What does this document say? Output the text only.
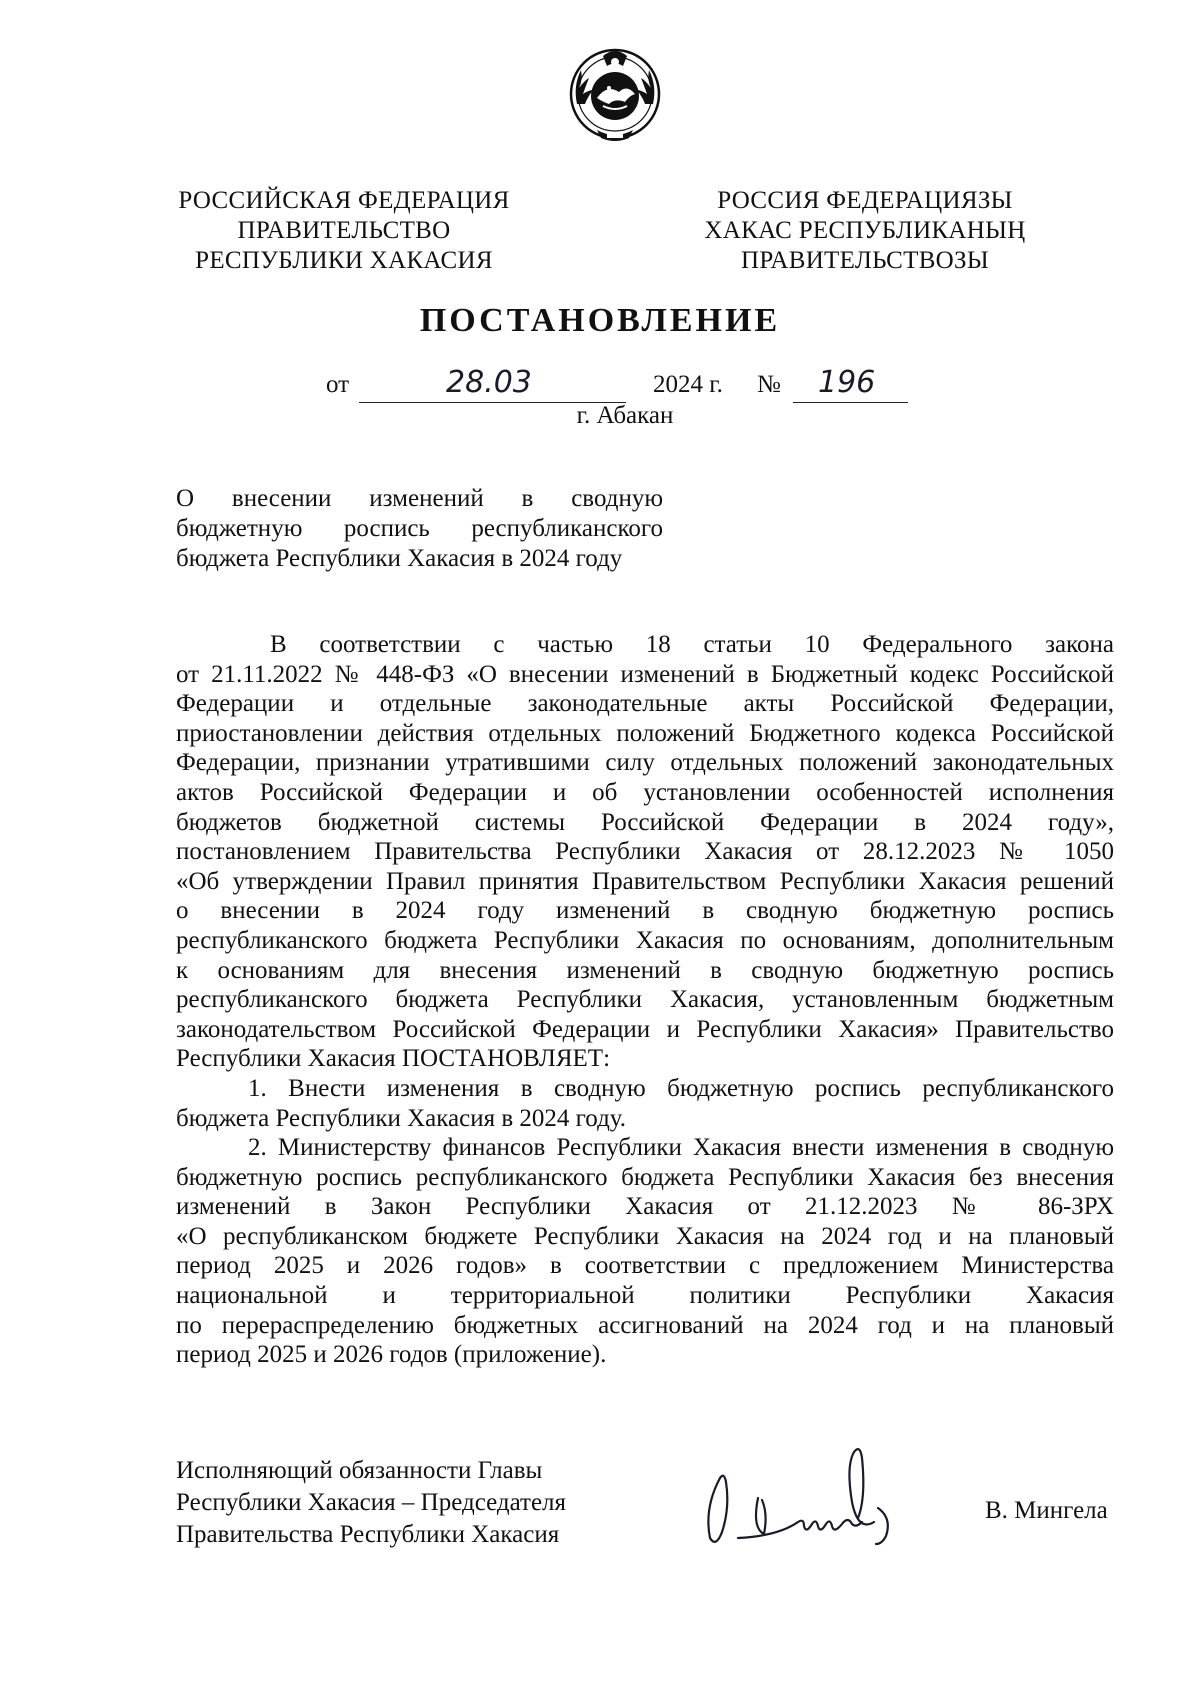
РОССИЙСКАЯ ФЕДЕРАЦИЯ
ПРАВИТЕЛЬСТВО
РЕСПУБЛИКИ ХАКАСИЯ
РОССИЯ ФЕДЕРАЦИЯЗЫ
ХАКАС РЕСПУБЛИКАНЫҢ
ПРАВИТЕЛЬСТВОЗЫ
ПОСТАНОВЛЕНИЕ
от	28.03	2024 г. № 196
г. Абакан
О внесении изменений в сводную
бюджетную роспись республиканского
бюджета Республики Хакасия в 2024 году
В соответствии с частью 18 статьи 10 Федерального закона
от 21.11.2022 № 448-ФЗ «О внесении изменений в Бюджетный кодекс Российской
Федерации и отдельные законодательные акты Российской Федерации,
приостановлении действия отдельных положений Бюджетного кодекса Российской
Федерации, признании утратившими силу отдельных положений законодательных
актов Российской Федерации и об установлении особенностей исполнения
бюджетов бюджетной системы Российской Федерации в 2024 году»,
постановлением Правительства Республики Хакасия от 28.12.2023 № 1050
«Об утверждении Правил принятия Правительством Республики Хакасия решений
о внесении в 2024 году изменений в сводную бюджетную роспись
республиканского бюджета Республики Хакасия по основаниям, дополнительным
к основаниям для внесения изменений в сводную бюджетную роспись
республиканского бюджета Республики Хакасия, установленным бюджетным
законодательством Российской Федерации и Республики Хакасия» Правительство
Республики Хакасия ПОСТАНОВЛЯЕТ:
1. Внести изменения в сводную бюджетную роспись республиканского
бюджета Республики Хакасия в 2024 году.
2. Министерству финансов Республики Хакасия внести изменения в сводную
бюджетную роспись республиканского бюджета Республики Хакасия без внесения
изменений в Закон Республики Хакасия от 21.12.2023 № 86-ЗРХ
«О республиканском бюджете Республики Хакасия на 2024 год и на плановый
период 2025 и 2026 годов» в соответствии с предложением Министерства
национальной и территориальной политики Республики Хакасия
по перераспределению бюджетных ассигнований на 2024 год и на плановый
период 2025 и 2026 годов (приложение).
Исполняющий обязанности Главы
Республики Хакасия – Председателя
Правительства Республики Хакасия
В. Мингела
